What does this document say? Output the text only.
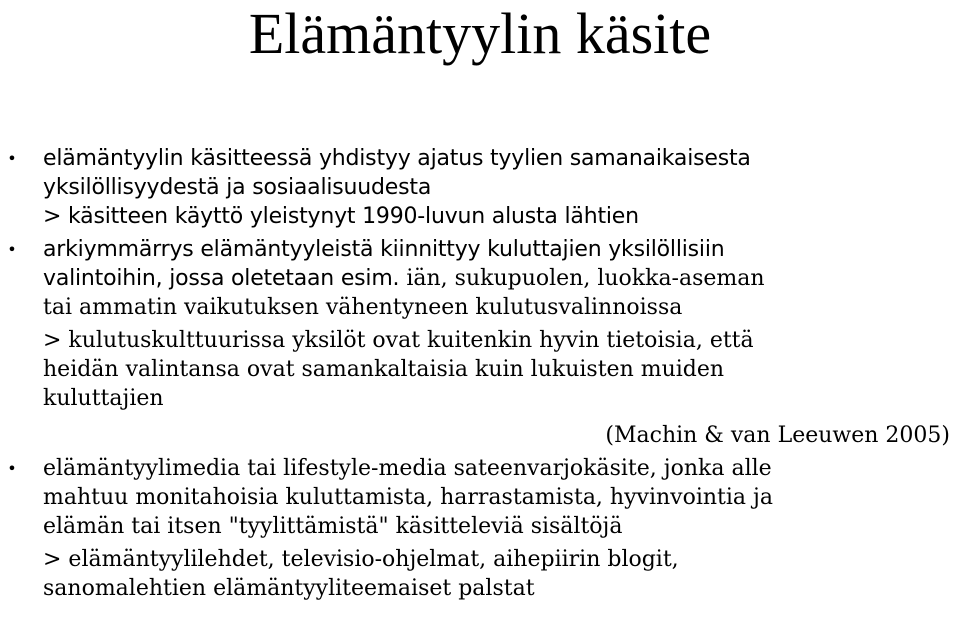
Elämäntyylin käsite
• elämäntyylin käsitteessä yhdistyy ajatus tyylien samanaikaisesta
yksilöllisyydestä ja sosiaalisuudesta
> käsitteen käyttö yleistynyt 1990-luvun alusta lähtien
• arkiymmärrys elämäntyyleistä kiinnittyy kuluttajien yksilöllisiin
valintoihin, jossa oletetaan esim. iän, sukupuolen, luokka-aseman
tai ammatin vaikutuksen vähentyneen kulutusvalinnoissa
> kulutuskulttuurissa yksilöt ovat kuitenkin hyvin tietoisia, että
heidän valintansa ovat samankaltaisia kuin lukuisten muiden
kuluttajien
(Machin & van Leeuwen 2005)
• elämäntyylimedia tai lifestyle-media sateenvarjokäsite, jonka alle
mahtuu monitahoisia kuluttamista, harrastamista, hyvinvointia ja
elämän tai itsen "tyylittämistä" käsitteleviä sisältöjä
> elämäntyylilehdet, televisio-ohjelmat, aihepiirin blogit,
sanomalehtien elämäntyyliteemaiset palstat
